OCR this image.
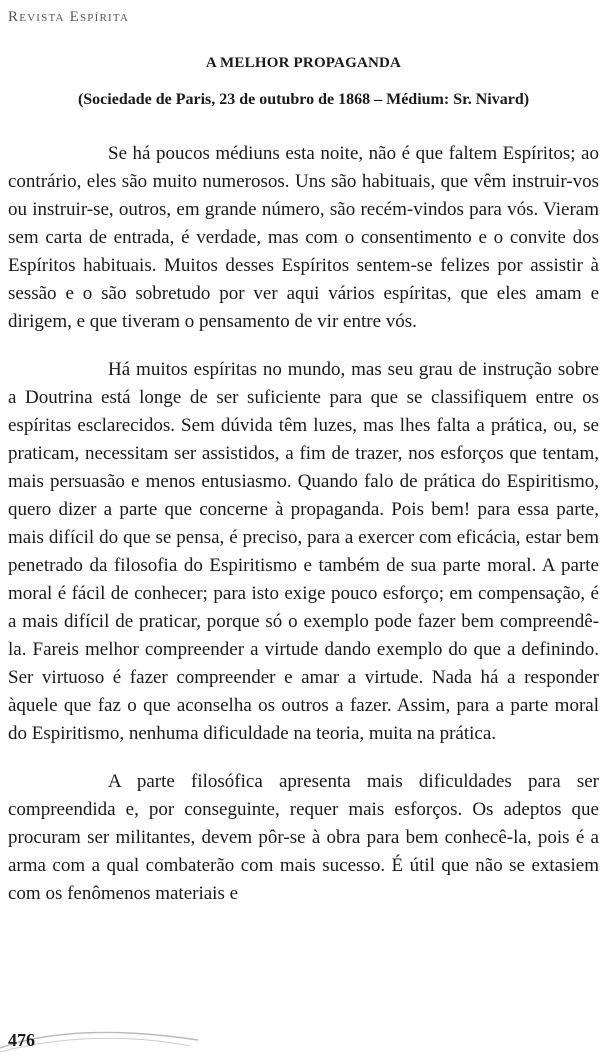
Revista Espírita
A MELHOR PROPAGANDA
(Sociedade de Paris, 23 de outubro de 1868 – Médium: Sr. Nivard)

Se há poucos médiuns esta noite, não é que faltem Espíritos; ao contrário, eles são muito numerosos. Uns são habituais, que vêm instruir-vos ou instruir-se, outros, em grande número, são recém-vindos para vós. Vieram sem carta de entrada, é verdade, mas com o consentimento e o convite dos Espíritos habituais. Muitos desses Espíritos sentem-se felizes por assistir à sessão e o são sobretudo por ver aqui vários espíritas, que eles amam e dirigem, e que tiveram o pensamento de vir entre vós.

Há muitos espíritas no mundo, mas seu grau de instrução sobre a Doutrina está longe de ser suficiente para que se classifiquem entre os espíritas esclarecidos. Sem dúvida têm luzes, mas lhes falta a prática, ou, se praticam, necessitam ser assistidos, a fim de trazer, nos esforços que tentam, mais persuasão e menos entusiasmo. Quando falo de prática do Espiritismo, quero dizer a parte que concerne à propaganda. Pois bem! para essa parte, mais difícil do que se pensa, é preciso, para a exercer com eficácia, estar bem penetrado da filosofia do Espiritismo e também de sua parte moral. A parte moral é fácil de conhecer; para isto exige pouco esforço; em compensação, é a mais difícil de praticar, porque só o exemplo pode fazer bem compreendê-la. Fareis melhor compreender a virtude dando exemplo do que a definindo. Ser virtuoso é fazer compreender e amar a virtude. Nada há a responder àquele que faz o que aconselha os outros a fazer. Assim, para a parte moral do Espiritismo, nenhuma dificuldade na teoria, muita na prática.

A parte filosófica apresenta mais dificuldades para ser compreendida e, por conseguinte, requer mais esforços. Os adeptos que procuram ser militantes, devem pôr-se à obra para bem conhecê-la, pois é a arma com a qual combaterão com mais sucesso. É útil que não se extasiem com os fenômenos materiais e

476
